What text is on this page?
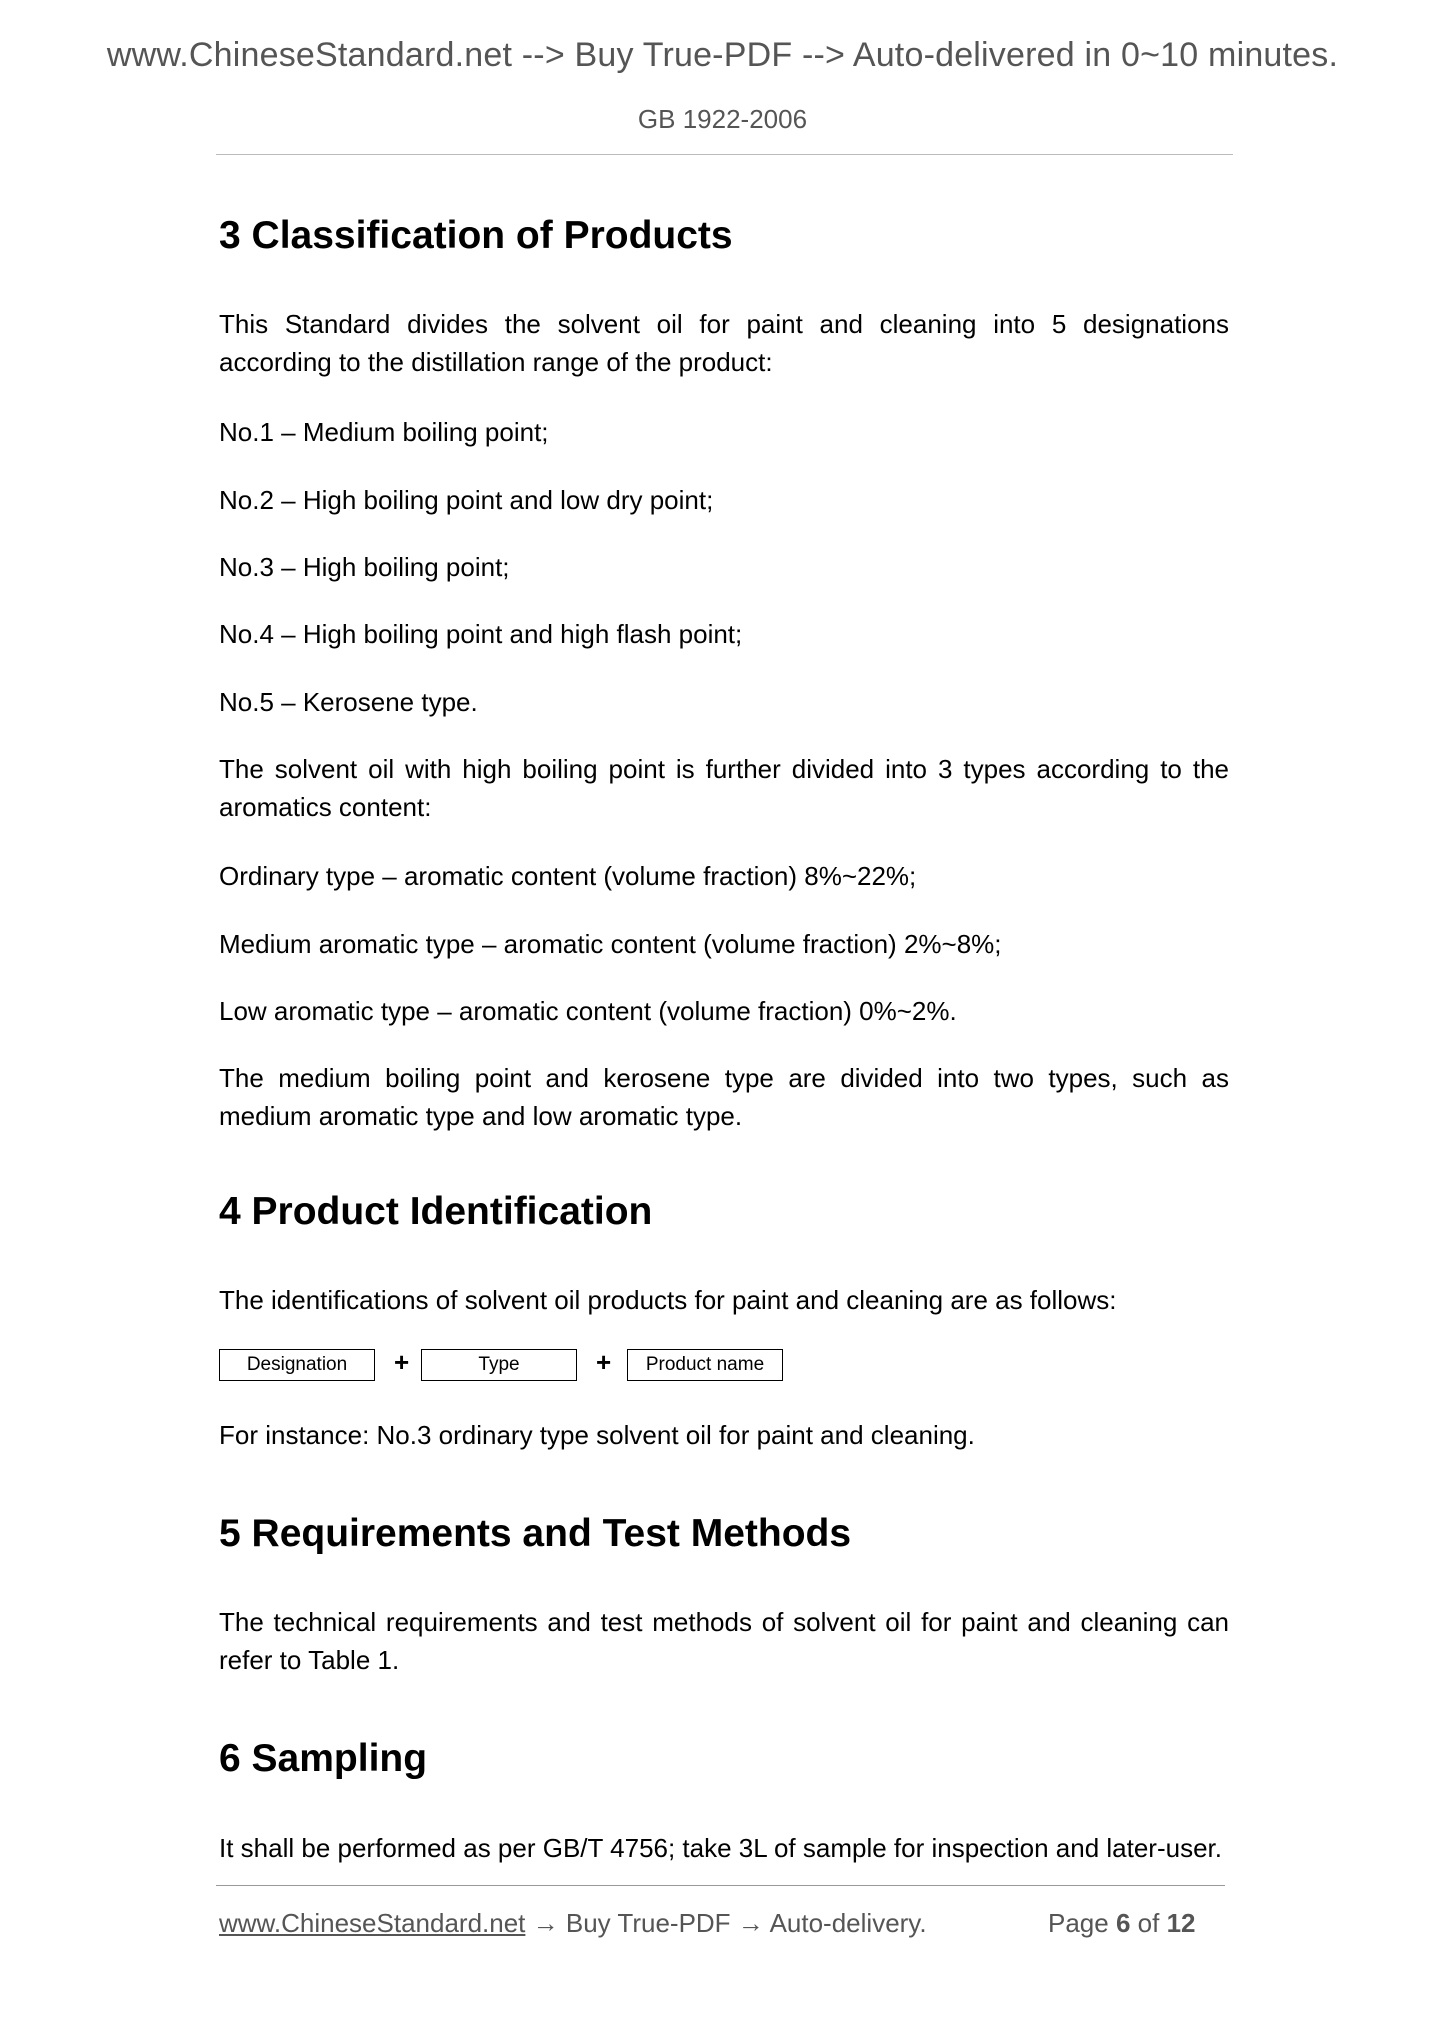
www.ChineseStandard.net --> Buy True-PDF --> Auto-delivered in 0~10 minutes.
GB 1922-2006
3 Classification of Products

This Standard divides the solvent oil for paint and cleaning into 5 designations according to the distillation range of the product:

No.1 – Medium boiling point;

No.2 – High boiling point and low dry point;

No.3 – High boiling point;

No.4 – High boiling point and high flash point;

No.5 – Kerosene type.

The solvent oil with high boiling point is further divided into 3 types according to the aromatics content:

Ordinary type – aromatic content (volume fraction) 8%~22%;

Medium aromatic type – aromatic content (volume fraction) 2%~8%;

Low aromatic type – aromatic content (volume fraction) 0%~2%.

The medium boiling point and kerosene type are divided into two types, such as medium aromatic type and low aromatic type.

4 Product Identification

The identifications of solvent oil products for paint and cleaning are as follows:

Designation	+	Type	+	Product name

For instance: No.3 ordinary type solvent oil for paint and cleaning.

5 Requirements and Test Methods

The technical requirements and test methods of solvent oil for paint and cleaning can refer to Table 1.

6 Sampling

It shall be performed as per GB/T 4756; take 3L of sample for inspection and later-user.

www.ChineseStandard.net → Buy True-PDF → Auto-delivery.	Page 6 of 12
